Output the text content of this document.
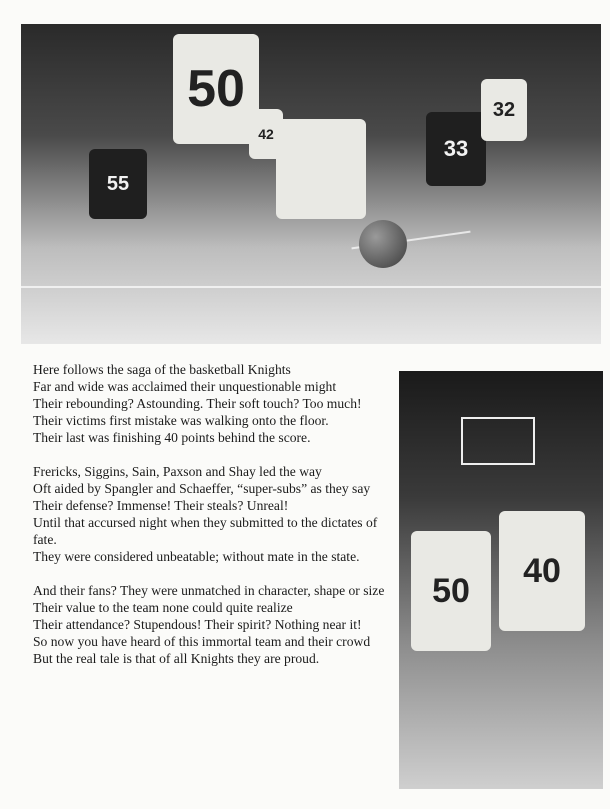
50
55
42
33
32

Here follows the saga of the basketball Knights
Far and wide was acclaimed their unquestionable might
Their rebounding? Astounding. Their soft touch? Too much!
Their victims first mistake was walking onto the floor.
Their last was finishing 40 points behind the score.

Frericks, Siggins, Sain, Paxson and Shay led the way
Oft aided by Spangler and Schaeffer, “super-subs” as they say
Their defense? Immense! Their steals? Unreal!
Until that accursed night when they submitted to the dictates of fate.
They were considered unbeatable; without mate in the state.

And their fans? They were unmatched in character, shape or size
Their value to the team none could quite realize
Their attendance? Stupendous! Their spirit? Nothing near it!
So now you have heard of this immortal team and their crowd
But the real tale is that of all Knights they are proud.

50
40
